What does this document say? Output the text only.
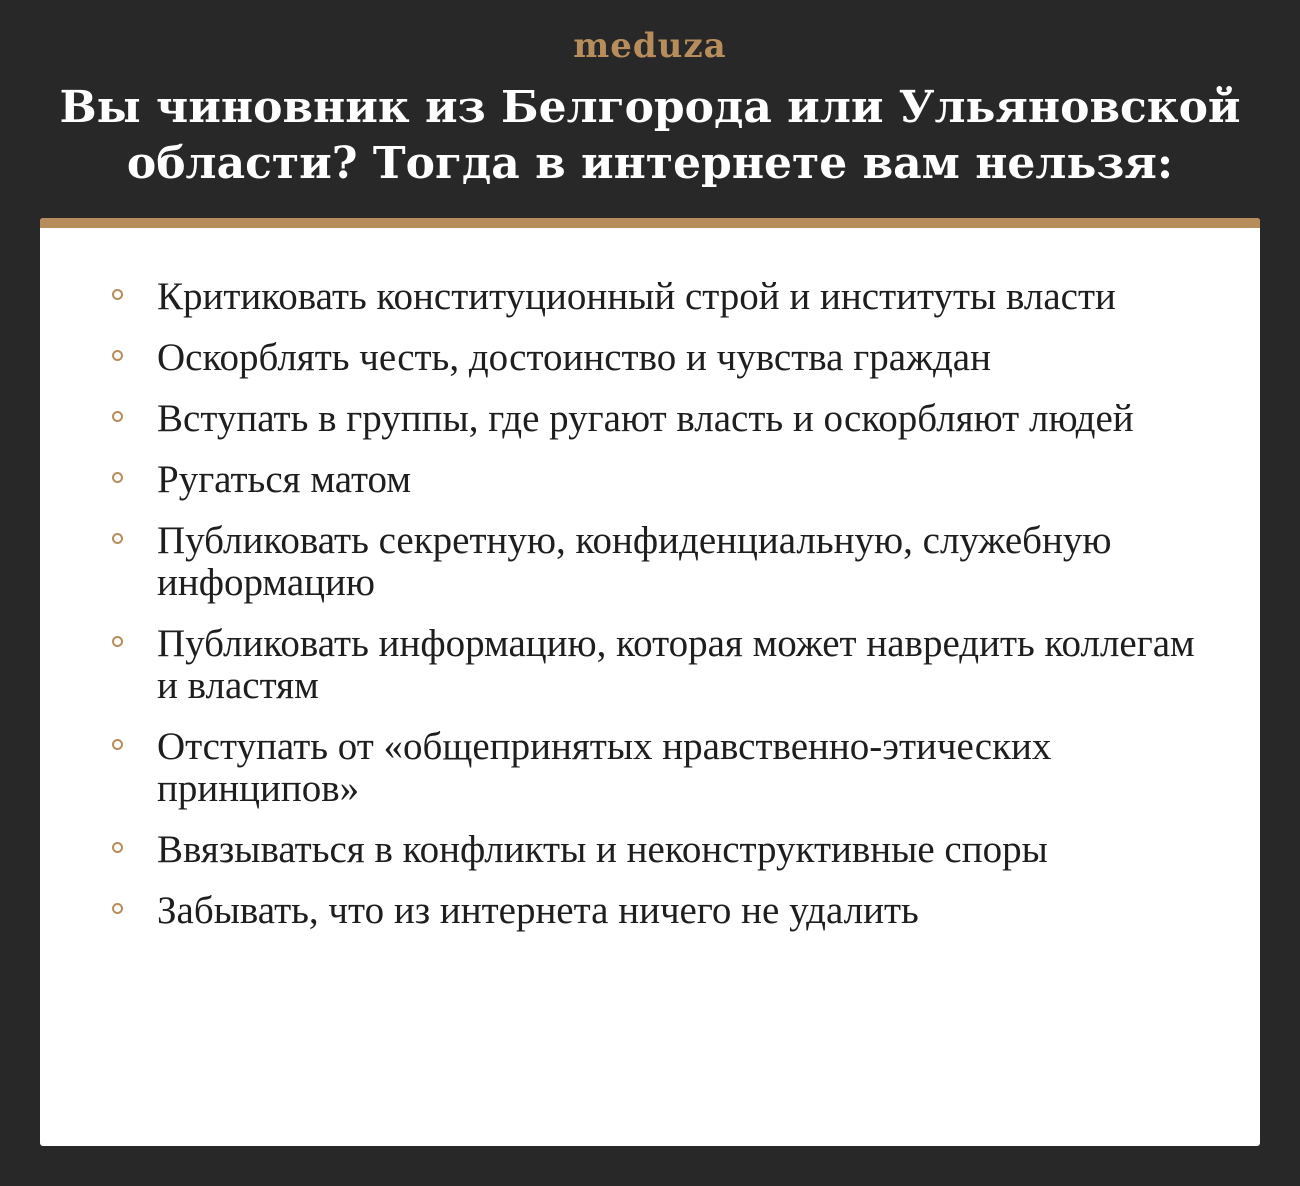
meduza
Вы чиновник из Белгорода или Ульяновской области? Тогда в интернете вам нельзя:
Критиковать конституционный строй и институты власти
Оскорблять честь, достоинство и чувства граждан
Вступать в группы, где ругают власть и оскорбляют людей
Ругаться матом
Публиковать секретную, конфиденциальную, служебную информацию
Публиковать информацию, которая может навредить коллегам и властям
Отступать от «общепринятых нравственно-этических принципов»
Ввязываться в конфликты и неконструктивные споры
Забывать, что из интернета ничего не удалить
